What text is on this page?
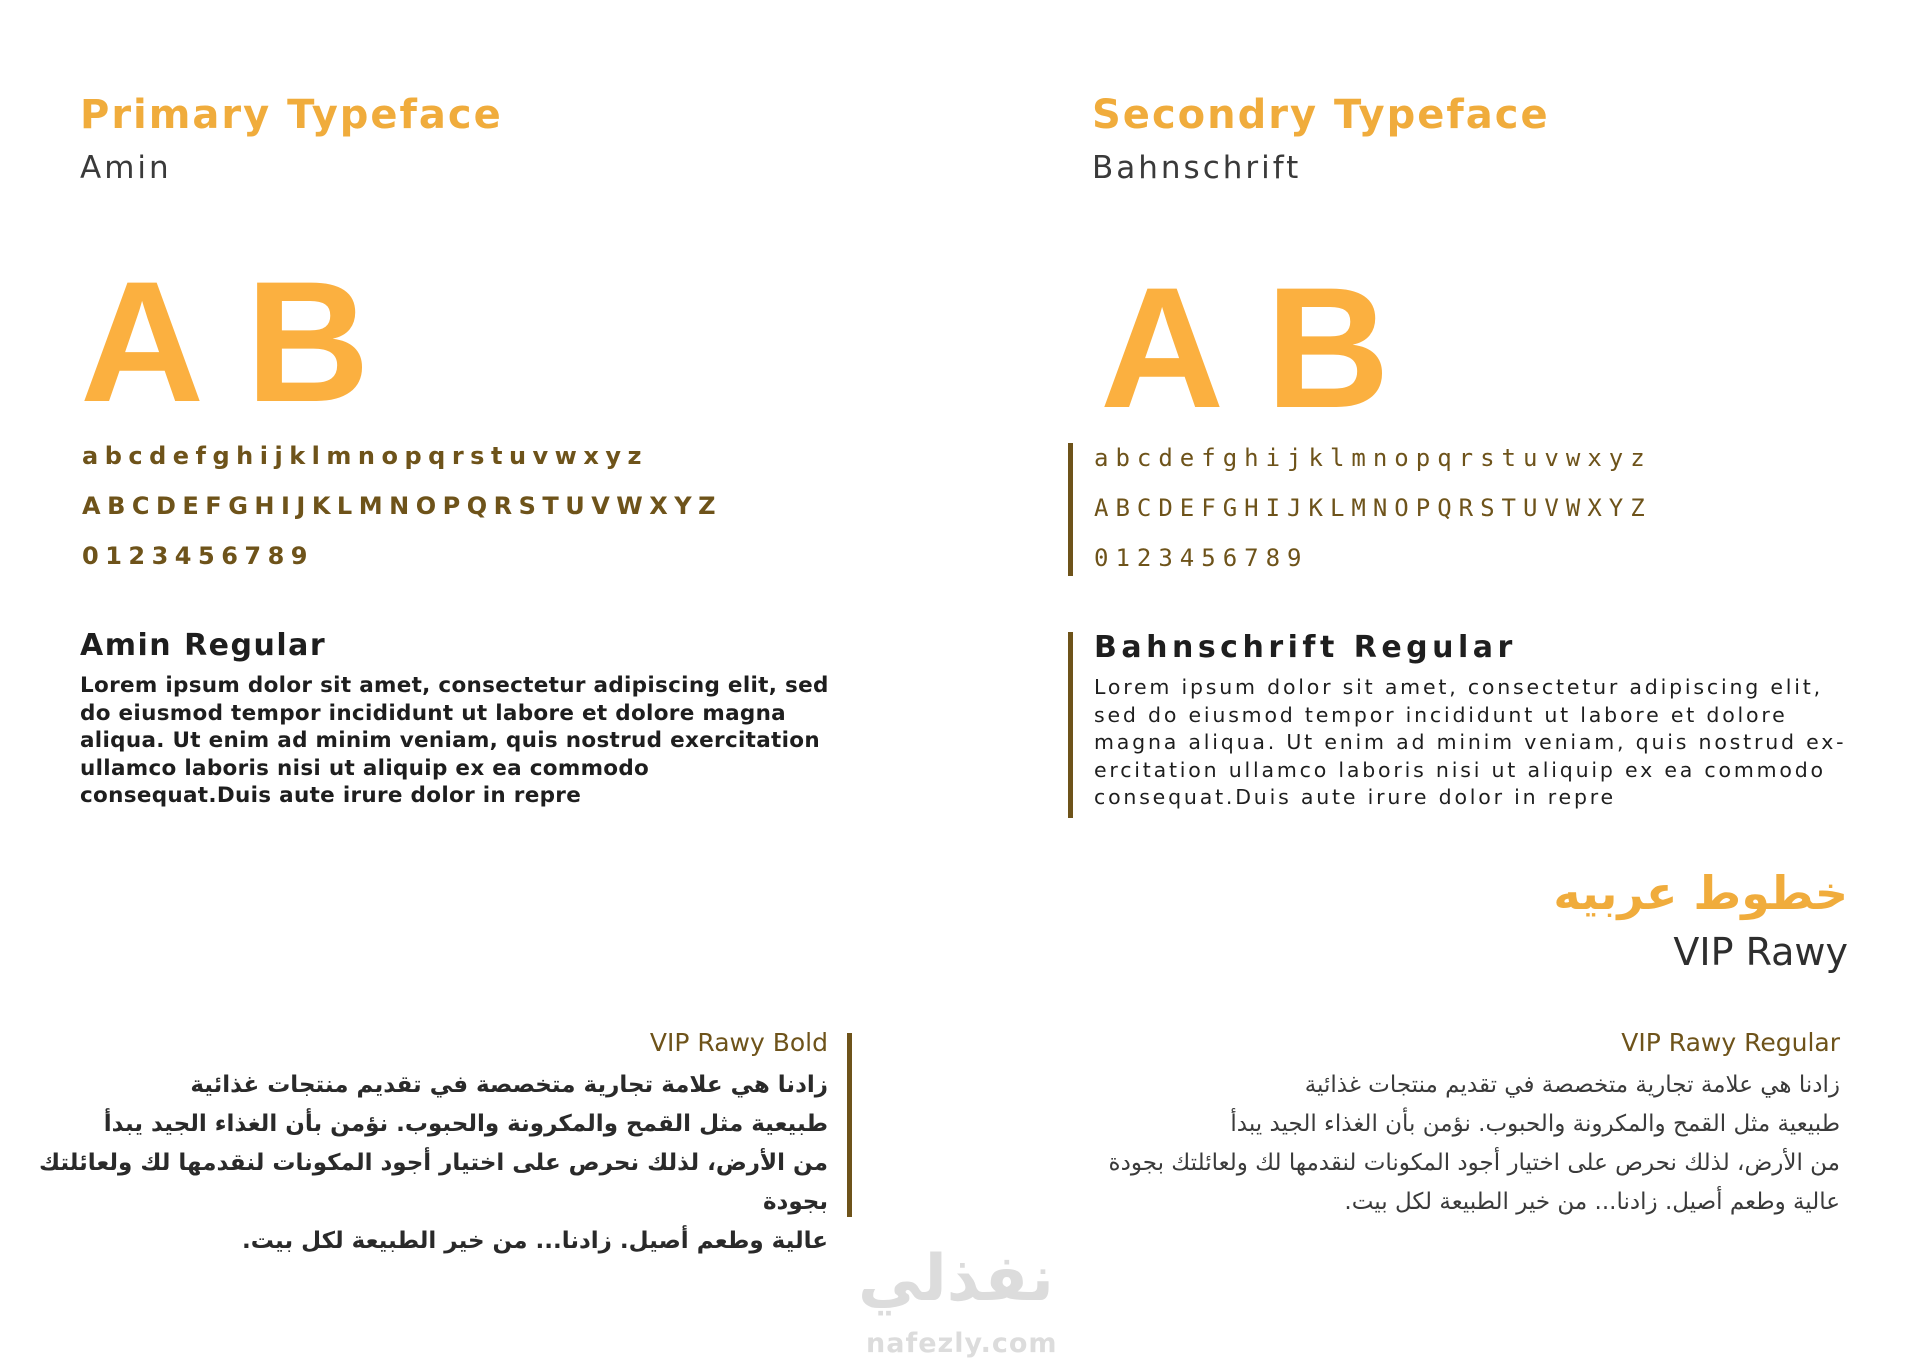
Primary Typeface
Amin
A B
abcdefghijklmnopqrstuvwxyz
ABCDEFGHIJKLMNOPQRSTUVWXYZ
0123456789
Amin Regular
Lorem ipsum dolor sit amet, consectetur adipiscing elit, sed do eiusmod tempor incididunt ut labore et dolore magna aliqua. Ut enim ad minim veniam, quis nostrud exercitation ullamco laboris nisi ut aliquip ex ea commodo consequat.Duis aute irure dolor in repre
Secondry Typeface
Bahnschrift
A B
abcdefghijklmnopqrstuvwxyz
ABCDEFGHIJKLMNOPQRSTUVWXYZ
0123456789
Bahnschrift Regular
Lorem ipsum dolor sit amet, consectetur adipiscing elit, sed do eiusmod tempor incididunt ut labore et dolore magna aliqua. Ut enim ad minim veniam, quis nostrud ex-ercitation ullamco laboris nisi ut aliquip ex ea commodo consequat.Duis aute irure dolor in repre
خطوط عربيه
VIP Rawy
VIP Rawy Bold
زادنا هي علامة تجارية متخصصة في تقديم منتجات غذائية
طبيعية مثل القمح والمكرونة والحبوب. نؤمن بأن الغذاء الجيد يبدأ
من الأرض، لذلك نحرص على اختيار أجود المكونات لنقدمها لك ولعائلتك بجودة
عالية وطعم أصيل. زادنا... من خير الطبيعة لكل بيت.
VIP Rawy Regular
زادنا هي علامة تجارية متخصصة في تقديم منتجات غذائية
طبيعية مثل القمح والمكرونة والحبوب. نؤمن بأن الغذاء الجيد يبدأ
من الأرض، لذلك نحرص على اختيار أجود المكونات لنقدمها لك ولعائلتك بجودة
عالية وطعم أصيل. زادنا... من خير الطبيعة لكل بيت.
نفذلي
nafezly.com
